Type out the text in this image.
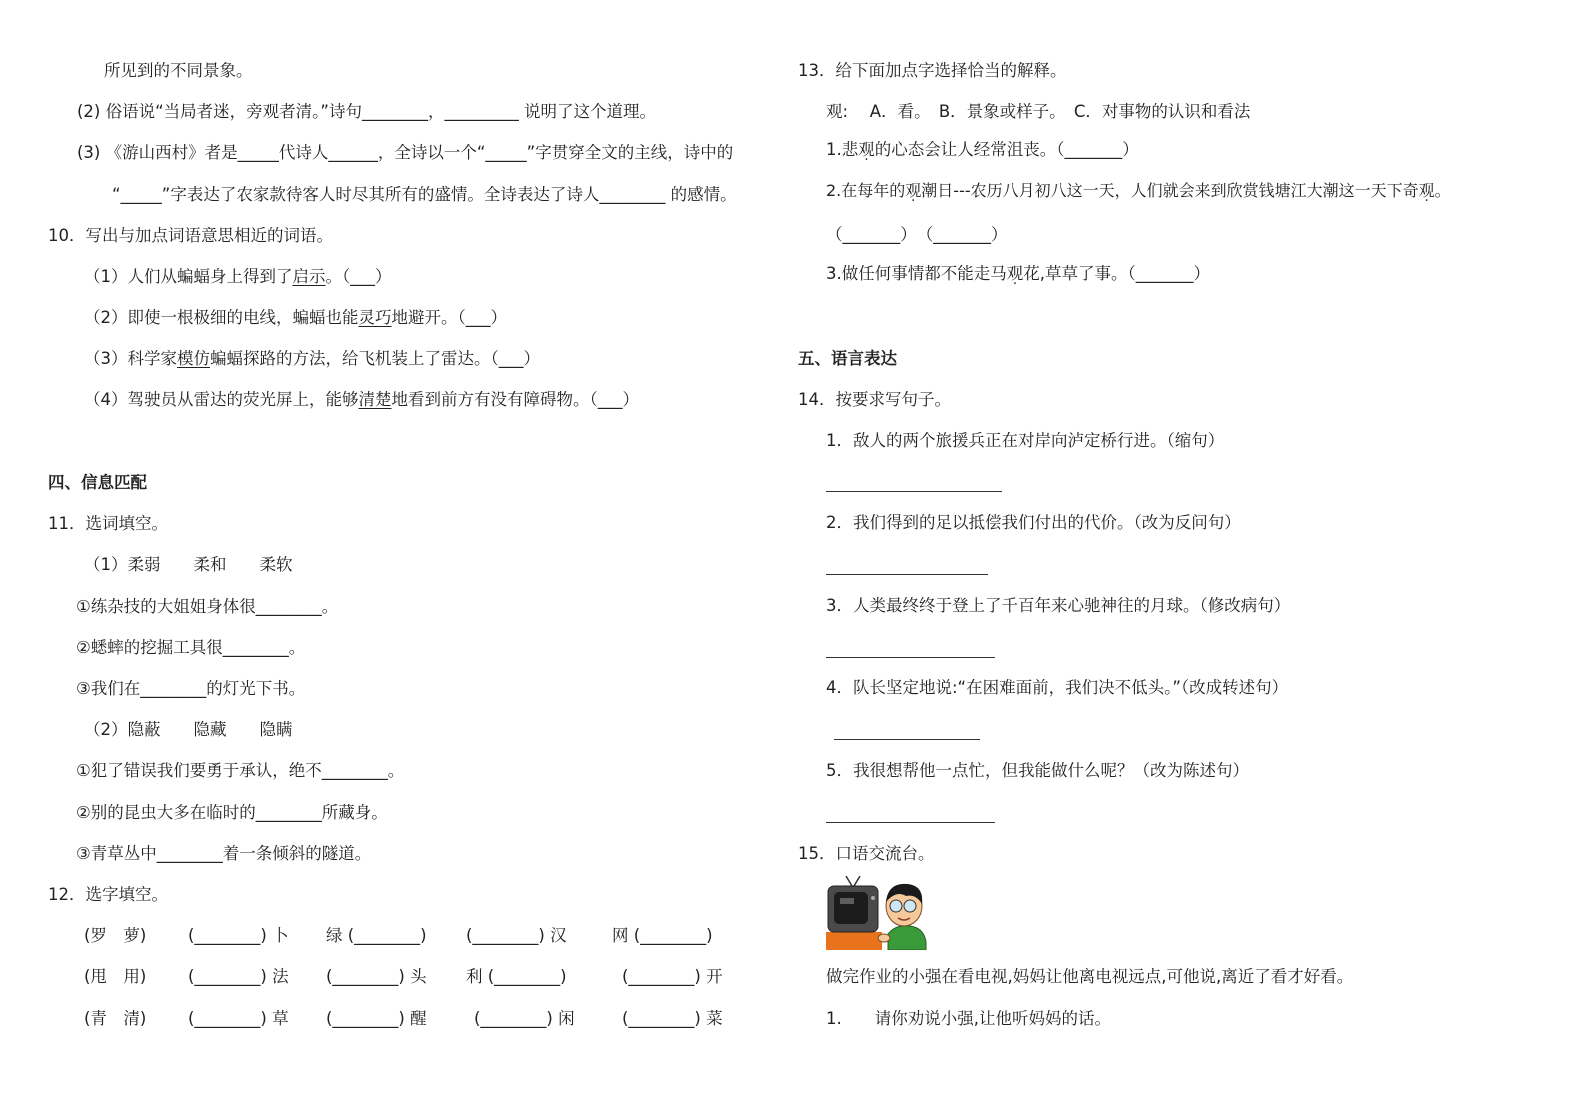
所见到的不同景象。
(2) 俗语说“当局者迷，旁观者清。”诗句________，_________ 说明了这个道理。
(3) 《游山西村》者是_____代诗人______，全诗以一个“_____”字贯穿全文的主线，诗中的
“_____”字表达了农家款待客人时尽其所有的盛情。全诗表达了诗人________ 的感情。
10．写出与加点词语意思相近的词语。
（1）人们从蝙蝠身上得到了启示。（___）
（2）即使一根极细的电线，蝙蝠也能灵巧地避开。（___）
（3）科学家模仿蝙蝠探路的方法，给飞机装上了雷达。（___）
（4）驾驶员从雷达的荧光屏上，能够清楚地看到前方有没有障碍物。（___）
四、信息匹配
11．选词填空。
（1）柔弱　　柔和　　柔软
①练杂技的大姐姐身体很________。
②蟋蟀的挖掘工具很________。
③我们在________的灯光下书。
（2）隐蔽　　隐藏　　隐瞒
①犯了错误我们要勇于承认，绝不________。
②别的昆虫大多在临时的________所藏身。
③青草丛中________着一条倾斜的隧道。
12．选字填空。
(罗　萝)	(________) 卜 绿 (________) (________) 汉	网 (________)
(甩　用)	(________) 法 (________) 头 利 (________)	(________) 开
(青　清)	(________) 草 (________) 醒	(________) 闲	(________) 菜
13．给下面加点字选择恰当的解释。
观:　 A．看。　B．景象或样子。　C．对事物的认识和看法
1.悲观的心态会让人经常沮丧。（_______）
2.在每年的观潮日---农历八月初八这一天，人们就会来到欣赏钱塘江大潮这一天下奇观。
（_______）　（_______）
3.做任何事情都不能走马观花,草草了事。（_______）
五、语言表达
14．按要求写句子。
1．敌人的两个旅援兵正在对岸向泸定桥行进。（缩句）
2．我们得到的足以抵偿我们付出的代价。（改为反问句）
3．人类最终终于登上了千百年来心驰神往的月球。（修改病句）
4．队长坚定地说:“在困难面前，我们决不低头。”（改成转述句）
5．我很想帮他一点忙，但我能做什么呢？（改为陈述句）
15．口语交流台。
做完作业的小强在看电视,妈妈让他离电视远点,可他说,离近了看才好看。
1.　　请你劝说小强,让他听妈妈的话。
